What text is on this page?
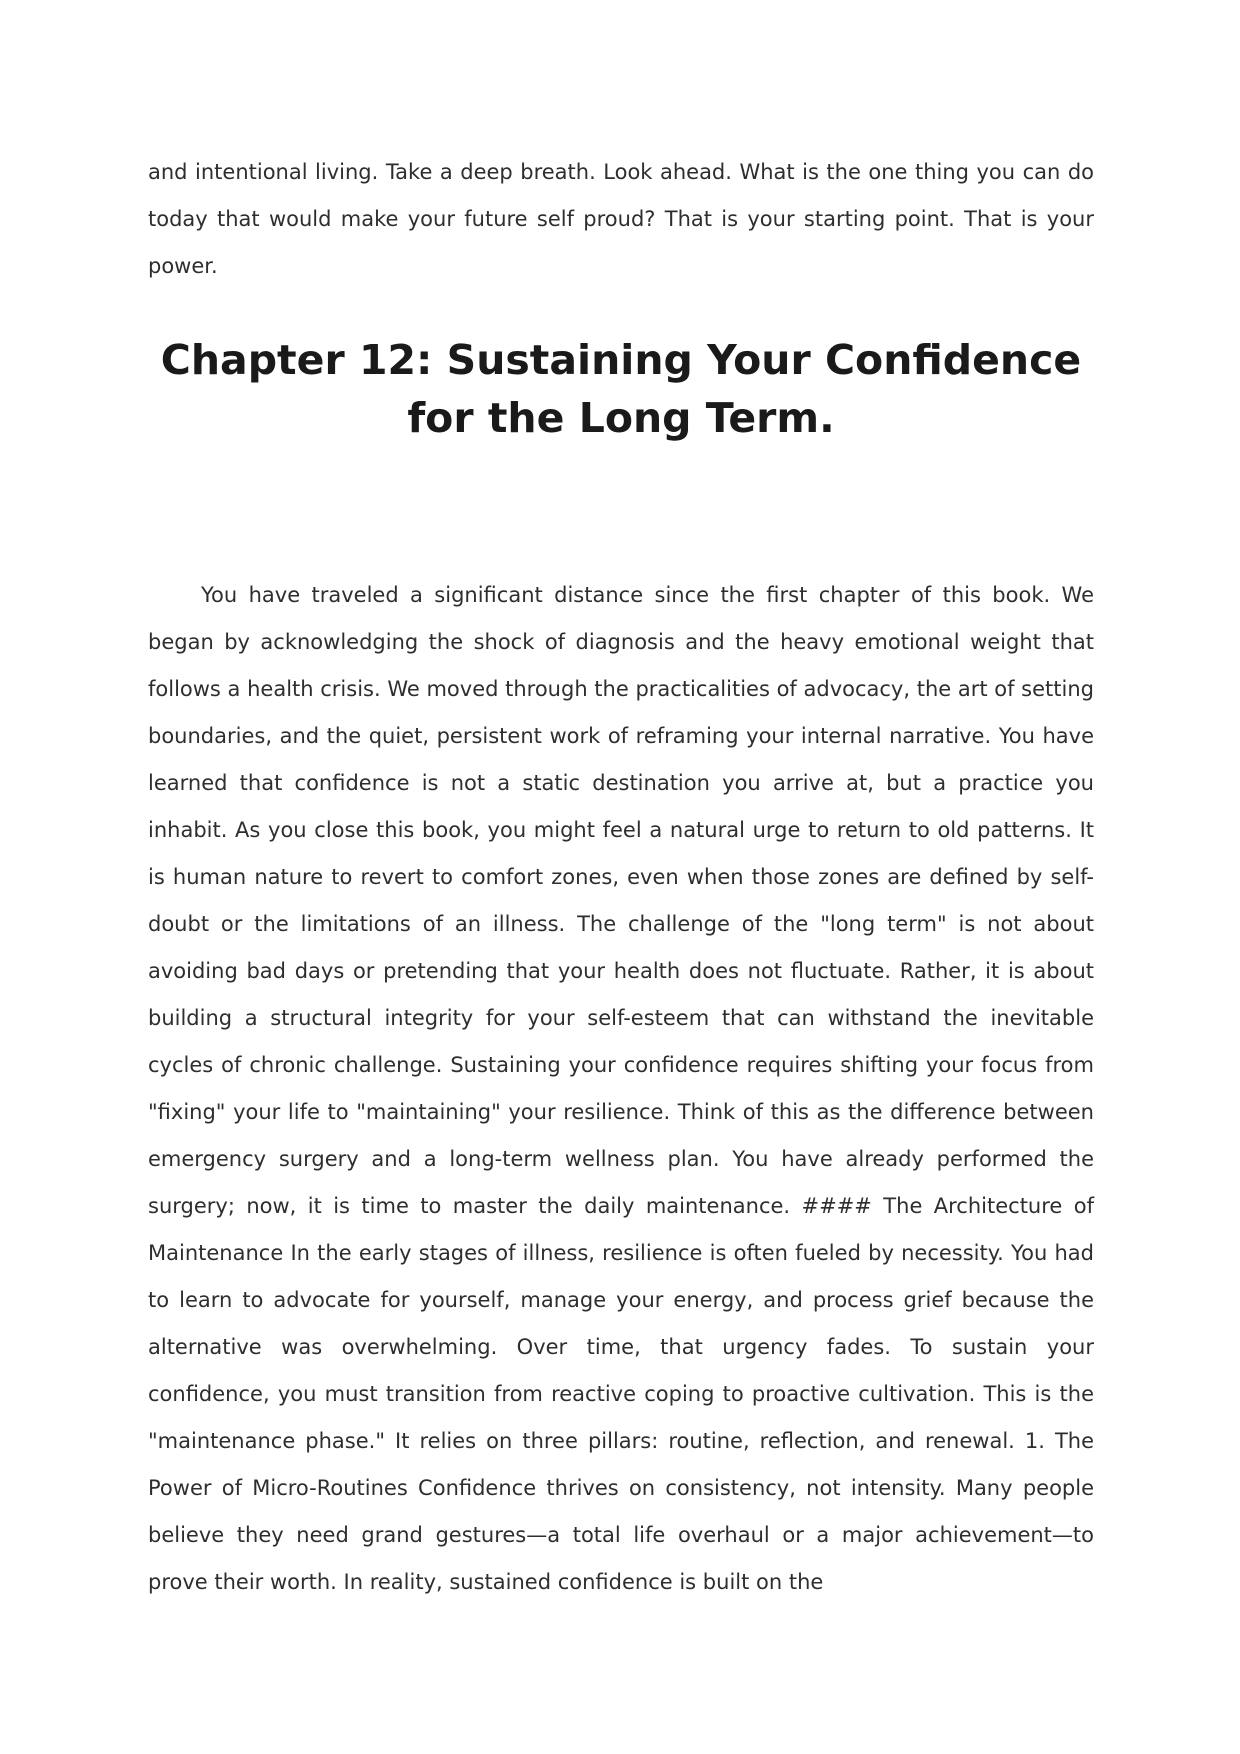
and intentional living. Take a deep breath. Look ahead. What is the one thing you can do today that would make your future self proud? That is your starting point. That is your power.

Chapter 12: Sustaining Your Confidence for the Long Term.

You have traveled a significant distance since the first chapter of this book. We began by acknowledging the shock of diagnosis and the heavy emotional weight that follows a health crisis. We moved through the practicalities of advocacy, the art of setting boundaries, and the quiet, persistent work of reframing your internal narrative. You have learned that confidence is not a static destination you arrive at, but a practice you inhabit. As you close this book, you might feel a natural urge to return to old patterns. It is human nature to revert to comfort zones, even when those zones are defined by self-doubt or the limitations of an illness. The challenge of the "long term" is not about avoiding bad days or pretending that your health does not fluctuate. Rather, it is about building a structural integrity for your self-esteem that can withstand the inevitable cycles of chronic challenge. Sustaining your confidence requires shifting your focus from "fixing" your life to "maintaining" your resilience. Think of this as the difference between emergency surgery and a long-term wellness plan. You have already performed the surgery; now, it is time to master the daily maintenance. #### The Architecture of Maintenance In the early stages of illness, resilience is often fueled by necessity. You had to learn to advocate for yourself, manage your energy, and process grief because the alternative was overwhelming. Over time, that urgency fades. To sustain your confidence, you must transition from reactive coping to proactive cultivation. This is the "maintenance phase." It relies on three pillars: routine, reflection, and renewal. 1. The Power of Micro-Routines Confidence thrives on consistency, not intensity. Many people believe they need grand gestures—a total life overhaul or a major achievement—to prove their worth. In reality, sustained confidence is built on the
